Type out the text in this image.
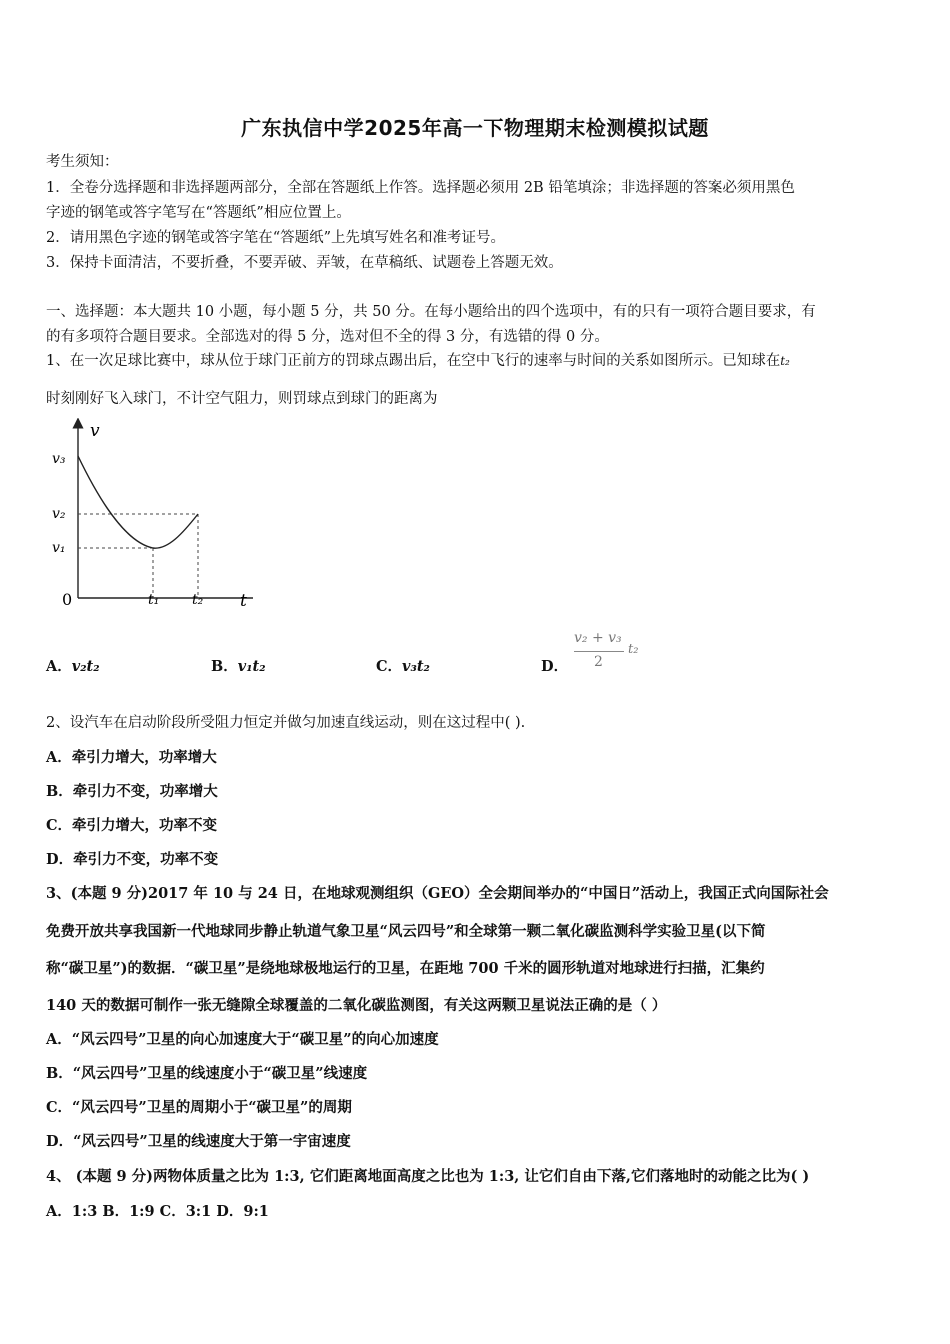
广东执信中学2025年高一下物理期末检测模拟试题
考生须知：
1．全卷分选择题和非选择题两部分，全部在答题纸上作答。选择题必须用 2B 铅笔填涂；非选择题的答案必须用黑色
字迹的钢笔或答字笔写在“答题纸”相应位置上。
2．请用黑色字迹的钢笔或答字笔在“答题纸”上先填写姓名和准考证号。
3．保持卡面清洁，不要折叠，不要弄破、弄皱，在草稿纸、试题卷上答题无效。
一、选择题：本大题共 10 小题，每小题 5 分，共 50 分。在每小题给出的四个选项中，有的只有一项符合题目要求，有
的有多项符合题目要求。全部选对的得 5 分，选对但不全的得 3 分，有选错的得 0 分。
1、在一次足球比赛中，球从位于球门正前方的罚球点踢出后，在空中飞行的速率与时间的关系如图所示。已知球在t₂
时刻刚好飞入球门，不计空气阻力，则罚球点到球门的距离为
v
t
0
v₃
v₂
v₁
t₁ t₂
A．v₂t₂	B．v₁t₂	C．v₃t₂	D．
v₂ + v₃
2
t₂
2、设汽车在启动阶段所受阻力恒定并做匀加速直线运动，则在这过程中( ).
A．牵引力增大，功率增大
B．牵引力不变，功率增大
C．牵引力增大，功率不变
D．牵引力不变，功率不变
3、(本题 9 分)2017 年 10 与 24 日，在地球观测组织（GEO）全会期间举办的“中国日”活动上，我国正式向国际社会
免费开放共享我国新一代地球同步静止轨道气象卫星“风云四号”和全球第一颗二氧化碳监测科学实验卫星(以下简
称“碳卫星”)的数据．“碳卫星”是绕地球极地运行的卫星，在距地 700 千米的圆形轨道对地球进行扫描，汇集约
140 天的数据可制作一张无缝隙全球覆盖的二氧化碳监测图，有关这两颗卫星说法正确的是（ ）
A．“风云四号”卫星的向心加速度大于“碳卫星”的向心加速度
B．“风云四号”卫星的线速度小于“碳卫星”线速度
C．“风云四号”卫星的周期小于“碳卫星”的周期
D．“风云四号”卫星的线速度大于第一宇宙速度
4、 (本题 9 分)两物体质量之比为 1:3, 它们距离地面高度之比也为 1:3, 让它们自由下落,它们落地时的动能之比为( )
A．1:3 B．1:9 C．3:1 D．9:1
